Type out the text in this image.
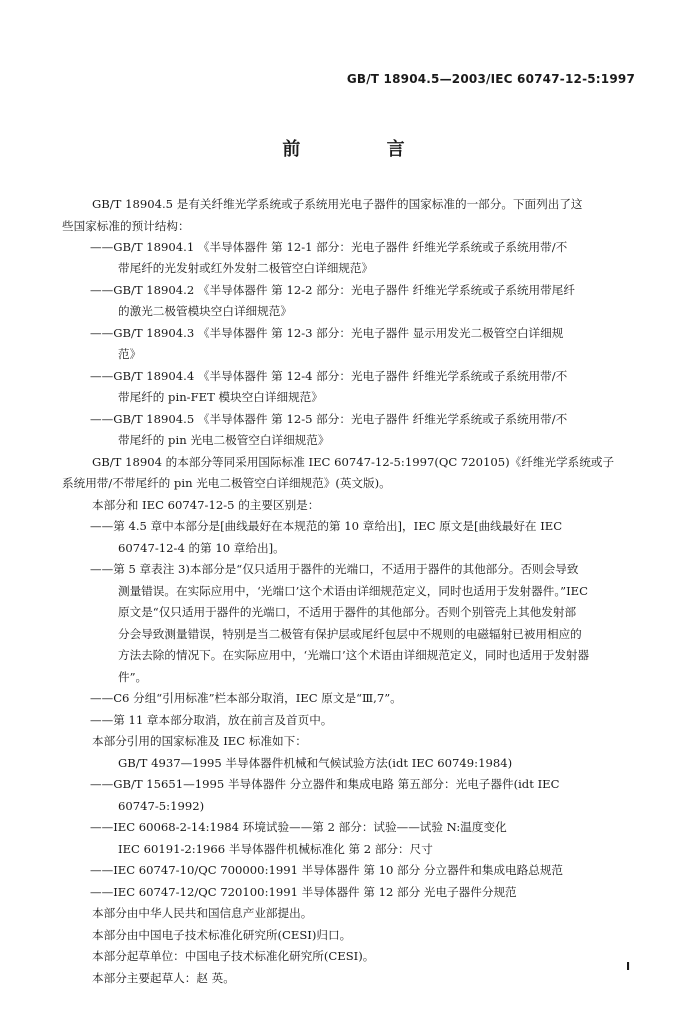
GB/T 18904.5—2003/IEC 60747-12-5:1997
前 言
GB/T 18904.5 是有关纤维光学系统或子系统用光电子器件的国家标准的一部分。下面列出了这
些国家标准的预计结构：
——GB/T 18904.1 《半导体器件 第 12-1 部分：光电子器件 纤维光学系统或子系统用带/不
带尾纤的光发射或红外发射二极管空白详细规范》
——GB/T 18904.2 《半导体器件 第 12-2 部分：光电子器件 纤维光学系统或子系统用带尾纤
的激光二极管模块空白详细规范》
——GB/T 18904.3 《半导体器件 第 12-3 部分：光电子器件 显示用发光二极管空白详细规
范》
——GB/T 18904.4 《半导体器件 第 12-4 部分：光电子器件 纤维光学系统或子系统用带/不
带尾纤的 pin-FET 模块空白详细规范》
——GB/T 18904.5 《半导体器件 第 12-5 部分：光电子器件 纤维光学系统或子系统用带/不
带尾纤的 pin 光电二极管空白详细规范》
GB/T 18904 的本部分等同采用国际标准 IEC 60747-12-5:1997(QC 720105)《纤维光学系统或子
系统用带/不带尾纤的 pin 光电二极管空白详细规范》(英文版)。
本部分和 IEC 60747-12-5 的主要区别是：
——第 4.5 章中本部分是[曲线最好在本规范的第 10 章给出]，IEC 原文是[曲线最好在 IEC
60747-12-4 的第 10 章给出]。
——第 5 章表注 3)本部分是“仅只适用于器件的光端口，不适用于器件的其他部分。否则会导致
测量错误。在实际应用中，‘光端口’这个术语由详细规范定义，同时也适用于发射器件。”IEC
原文是“仅只适用于器件的光端口，不适用于器件的其他部分。否则个别管壳上其他发射部
分会导致测量错误，特别是当二极管有保护层或尾纤包层中不规则的电磁辐射已被用相应的
方法去除的情况下。在实际应用中，‘光端口’这个术语由详细规范定义，同时也适用于发射器
件”。
——C6 分组“引用标准”栏本部分取消，IEC 原文是“Ⅲ,7”。
——第 11 章本部分取消，放在前言及首页中。
本部分引用的国家标准及 IEC 标准如下：
GB/T 4937—1995 半导体器件机械和气候试验方法(idt IEC 60749:1984)
——GB/T 15651—1995 半导体器件 分立器件和集成电路 第五部分：光电子器件(idt IEC
60747-5:1992)
——IEC 60068-2-14:1984 环境试验——第 2 部分：试验——试验 N:温度变化
IEC 60191-2:1966 半导体器件机械标准化 第 2 部分：尺寸
——IEC 60747-10/QC 700000:1991 半导体器件 第 10 部分 分立器件和集成电路总规范
——IEC 60747-12/QC 720100:1991 半导体器件 第 12 部分 光电子器件分规范
本部分由中华人民共和国信息产业部提出。
本部分由中国电子技术标准化研究所(CESI)归口。
本部分起草单位：中国电子技术标准化研究所(CESI)。
本部分主要起草人：赵 英。
I
